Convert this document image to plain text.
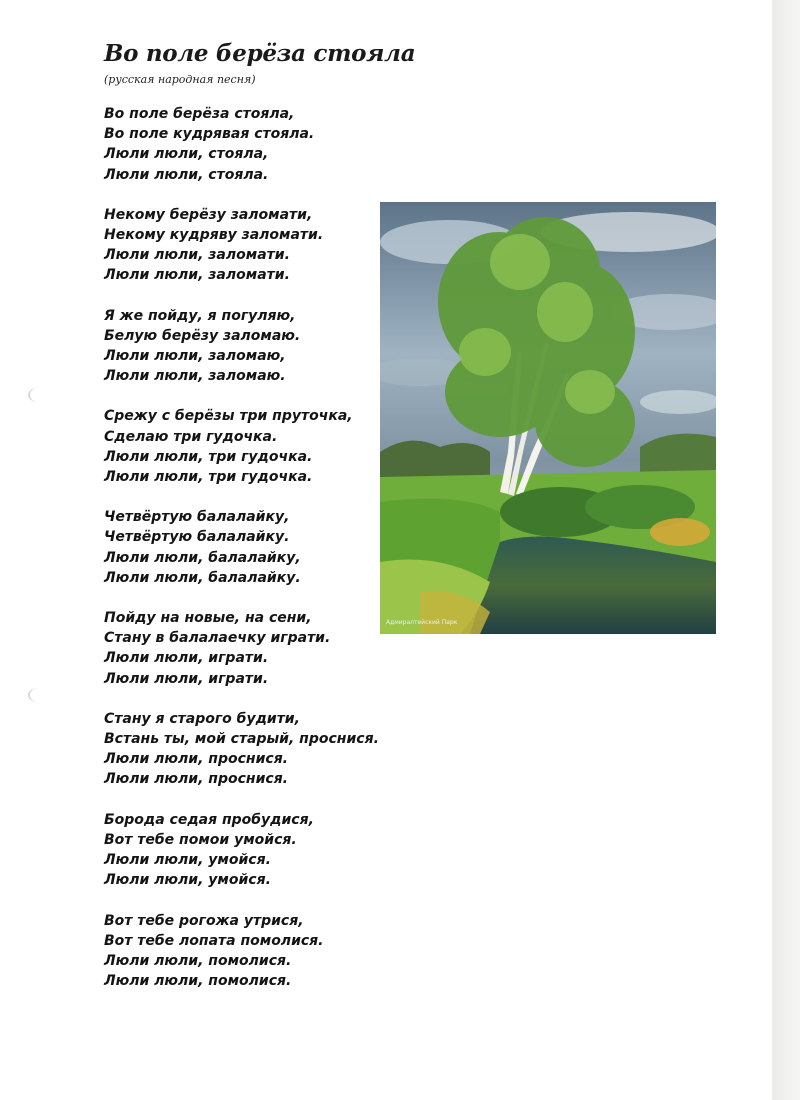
Во поле берёза стояла
(русская народная песня)
Во поле берёза стояла,
Во поле кудрявая стояла.
Люли люли, стояла,
Люли люли, стояла.
Некому берёзу заломати,
Некому кудряву заломати.
Люли люли, заломати.
Люли люли, заломати.
Я же пойду, я погуляю,
Белую берёзу заломаю.
Люли люли, заломаю,
Люли люли, заломаю.
Срежу с берёзы три пруточка,
Сделаю три гудочка.
Люли люли, три гудочка.
Люли люли, три гудочка.
Четвёртую балалайку,
Четвёртую балалайку.
Люли люли, балалайку,
Люли люли, балалайку.
Пойду на новые, на сени,
Стану в балалаечку играти.
Люли люли, играти.
Люли люли, играти.
Стану я старого будити,
Встань ты, мой старый, проснися.
Люли люли, проснися.
Люли люли, проснися.
Борода седая пробудися,
Вот тебе помои умойся.
Люли люли, умойся.
Люли люли, умойся.
Вот тебе рогожа утрися,
Вот тебе лопата помолися.
Люли люли, помолися.
Люли люли, помолися.
Адмиралтейский Парк
